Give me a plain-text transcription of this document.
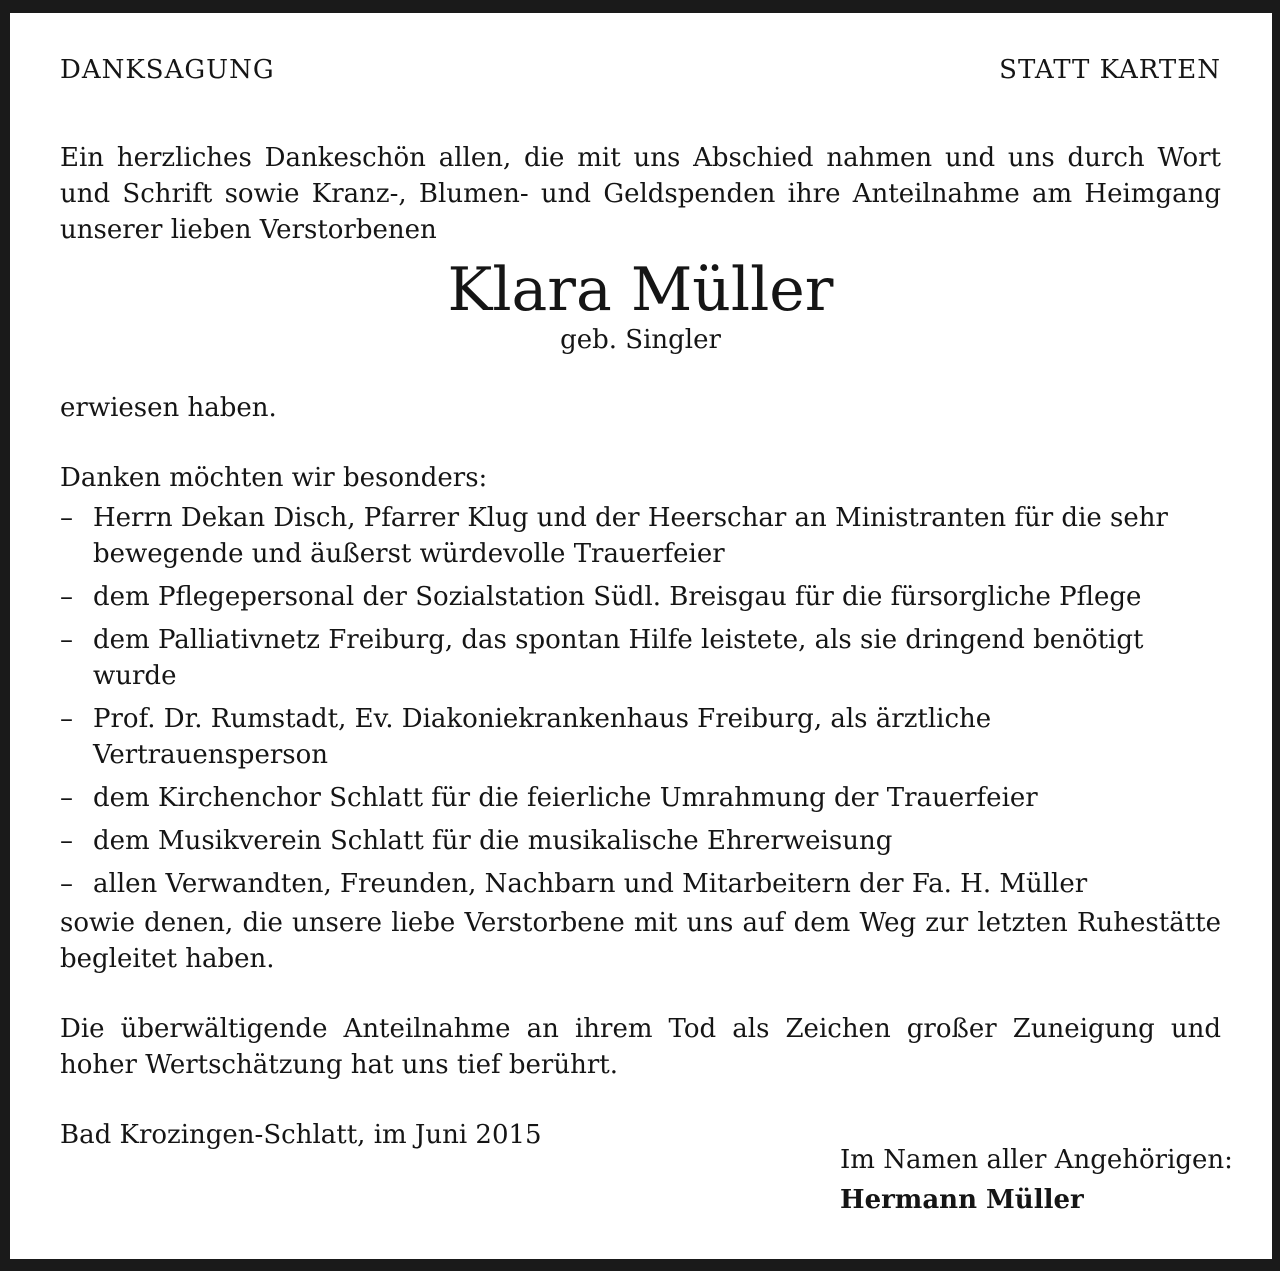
DANKSAGUNG	STATT KARTEN
Ein herzliches Dankeschön allen, die mit uns Abschied nahmen und uns durch Wort und Schrift sowie Kranz-, Blumen- und Geldspenden ihre Anteilnahme am Heimgang unserer lieben Verstorbenen
Klara Müller
geb. Singler
erwiesen haben.
Danken möchten wir besonders:
– Herrn Dekan Disch, Pfarrer Klug und der Heerschar an Ministranten für die sehr bewegende und äußerst würdevolle Trauerfeier
– dem Pflegepersonal der Sozialstation Südl. Breisgau für die fürsorgliche Pflege
– dem Palliativnetz Freiburg, das spontan Hilfe leistete, als sie dringend benötigt wurde
– Prof. Dr. Rumstadt, Ev. Diakoniekrankenhaus Freiburg, als ärztliche Vertrauensperson
– dem Kirchenchor Schlatt für die feierliche Umrahmung der Trauerfeier
– dem Musikverein Schlatt für die musikalische Ehrerweisung
– allen Verwandten, Freunden, Nachbarn und Mitarbeitern der Fa. H. Müller
sowie denen, die unsere liebe Verstorbene mit uns auf dem Weg zur letzten Ruhestätte begleitet haben.
Die überwältigende Anteilnahme an ihrem Tod als Zeichen großer Zuneigung und hoher Wertschätzung hat uns tief berührt.
Bad Krozingen-Schlatt, im Juni 2015
Im Namen aller Angehörigen:
Hermann Müller
